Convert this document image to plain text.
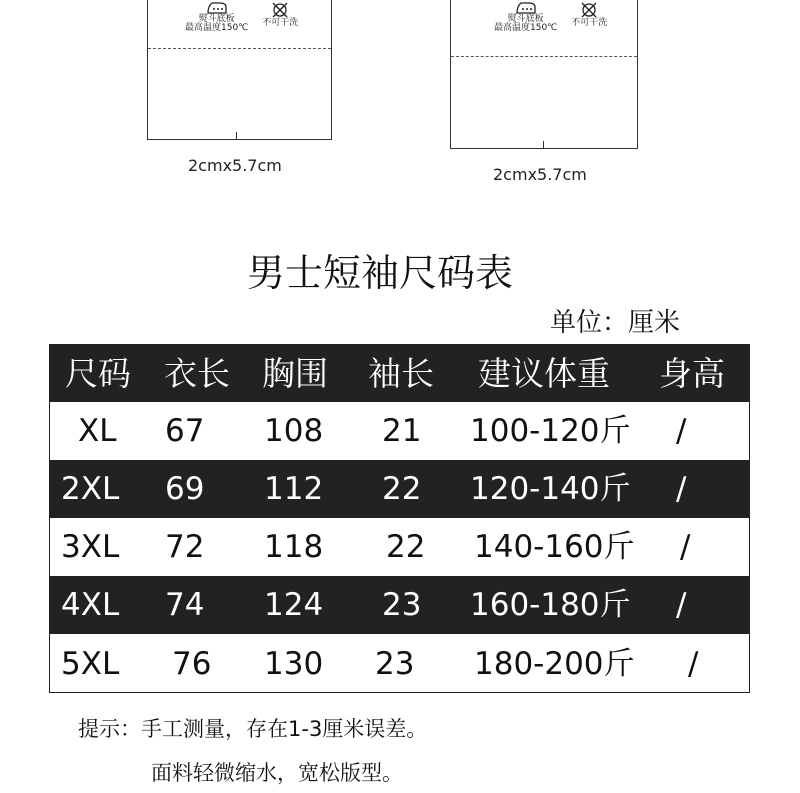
熨斗底板
最高温度150℃ 不可干洗
2cmx5.7cm
熨斗底板
最高温度150℃ 不可干洗
2cmx5.7cm
男士短袖尺码表
单位：厘米
尺码 衣长 胸围 袖长 建议体重 身高
XL 67 108 21 100-120斤 /
2XL 69 112 22 120-140斤 /
3XL 72 118 22 140-160斤 /
4XL 74 124 23 160-180斤 /
5XL 76 130 23 180-200斤 /
提示：手工测量，存在1-3厘米误差。
面料轻微缩水，宽松版型。
